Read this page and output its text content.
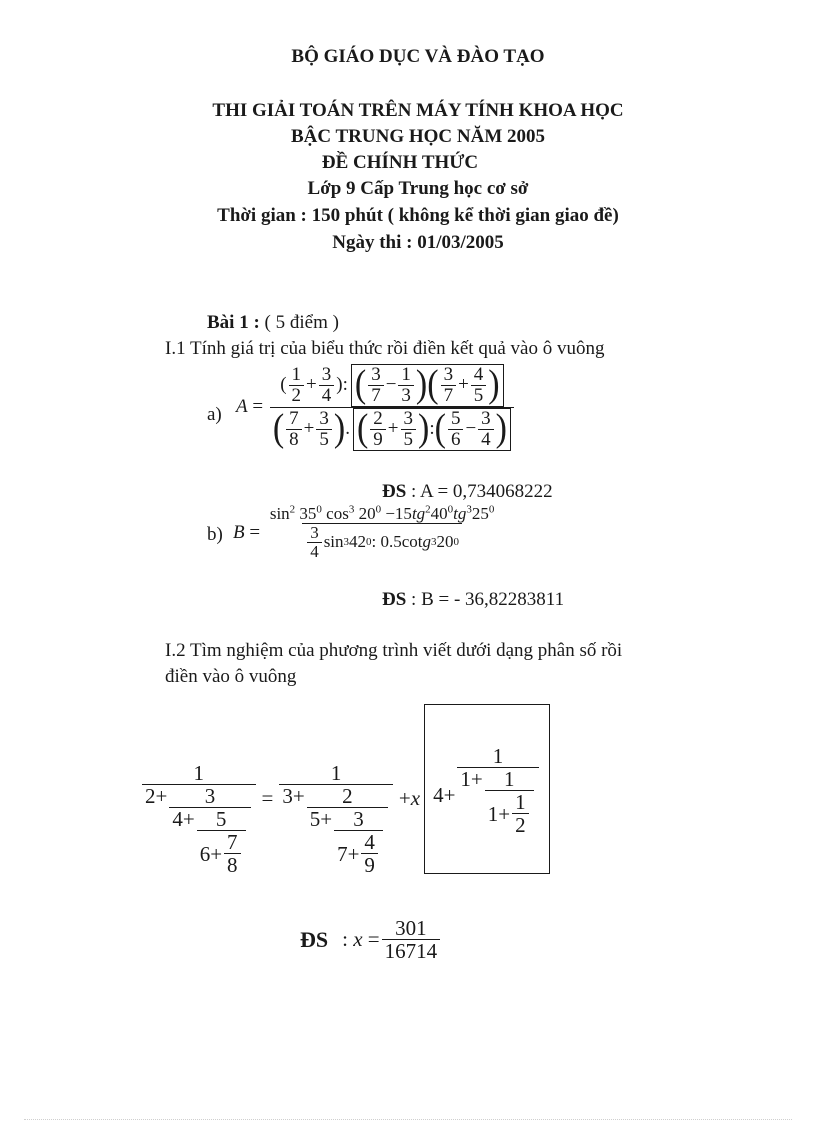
BỘ GIÁO DỤC VÀ ĐÀO TẠO
THI GIẢI TOÁN TRÊN MÁY TÍNH KHOA HỌC
BẬC TRUNG HỌC NĂM 2005
ĐỀ CHÍNH THỨC
Lớp 9 Cấp Trung học cơ sở
Thời gian : 150 phút ( không kể thời gian giao đề)
Ngày thi : 01/03/2005
Bài 1 : ( 5 điểm )
I.1 Tính giá trị của biểu thức rồi điền kết quả vào ô vuông
a) $A = \frac{( \frac{1}{2} + \frac{3}{4} ): ( \frac{3}{7} - \frac{1}{3} ) ( \frac{3}{7} + \frac{4}{5} )}{( \frac{7}{8} + \frac{3}{5} ) . ( \frac{2}{9} + \frac{3}{5} ) : ( \frac{5}{6} - \frac{3}{4} )}$
ĐS : A = 0,734068222
b) $B = \frac{\sin^2 35^0 \cos^3 20^0 -15tg^240^0tg^325^0}{\frac{3}{4} \sin 3 42 0 : 0.5\cot g 3 20 0}$
ĐS : B = - 36,82283811
I.2 Tìm nghiệm của phương trình viết dưới dạng phân số rồi
điền vào ô vuông
$\frac{1}{2+ \frac{3}{4+ \frac{5}{6+ \frac{7}{8}}}} = \frac{1}{3+ \frac{2}{5+ \frac{3}{7+ \frac{4}{9}}}} +x$ $4+ \frac{1}{1+ \frac{1}{1+ \frac{1}{2}}}$
ĐS : $x = \frac{301}{16714}$
